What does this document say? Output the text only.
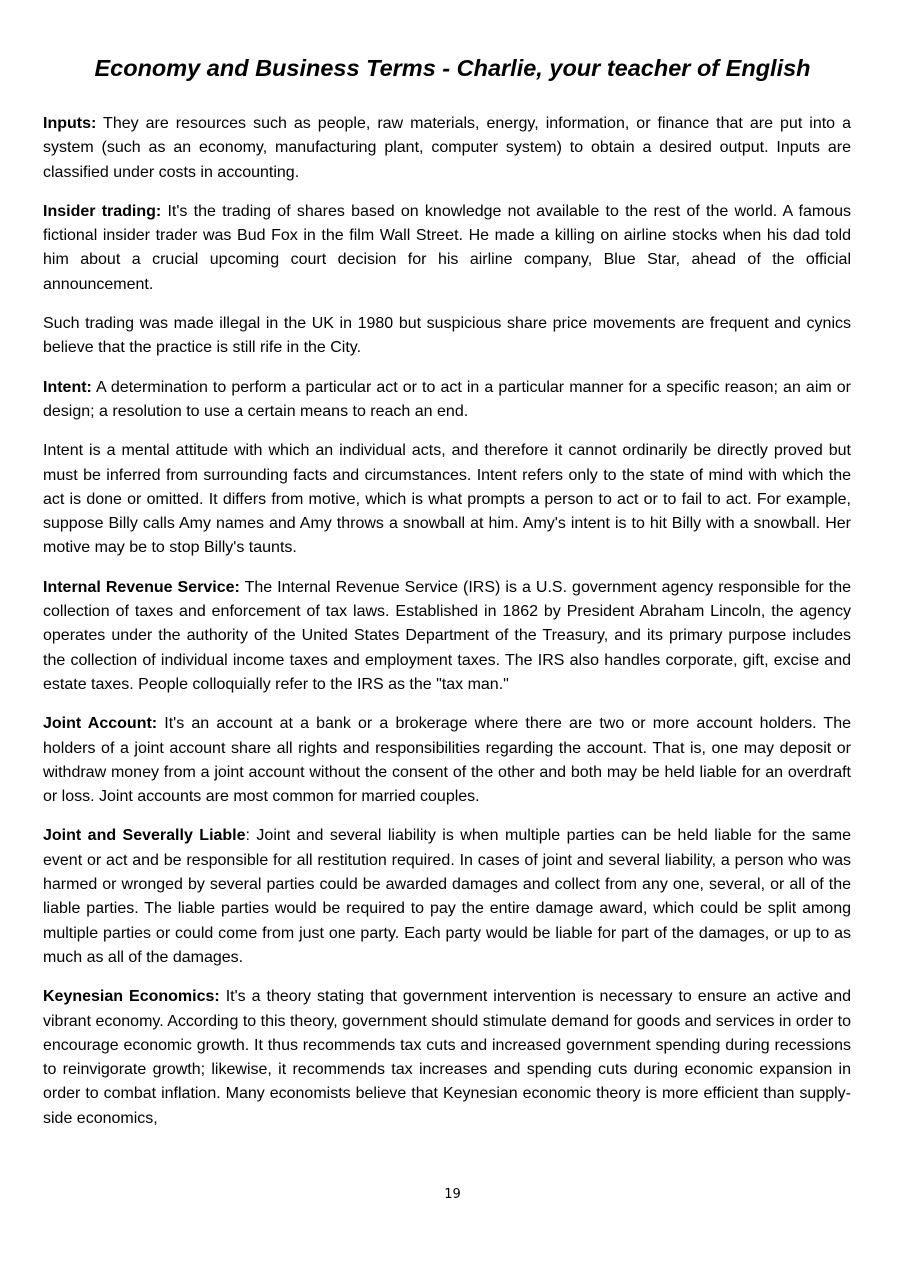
Economy and Business Terms - Charlie, your teacher of English

Inputs: They are resources such as people, raw materials, energy, information, or finance that are put into a system (such as an economy, manufacturing plant, computer system) to obtain a desired output. Inputs are classified under costs in accounting.

Insider trading: It's the trading of shares based on knowledge not available to the rest of the world. A famous fictional insider trader was Bud Fox in the film Wall Street. He made a killing on airline stocks when his dad told him about a crucial upcoming court decision for his airline company, Blue Star, ahead of the official announcement.

Such trading was made illegal in the UK in 1980 but suspicious share price movements are frequent and cynics believe that the practice is still rife in the City.

Intent: A determination to perform a particular act or to act in a particular manner for a specific reason; an aim or design; a resolution to use a certain means to reach an end.

Intent is a mental attitude with which an individual acts, and therefore it cannot ordinarily be directly proved but must be inferred from surrounding facts and circumstances. Intent refers only to the state of mind with which the act is done or omitted. It differs from motive, which is what prompts a person to act or to fail to act. For example, suppose Billy calls Amy names and Amy throws a snowball at him. Amy's intent is to hit Billy with a snowball. Her motive may be to stop Billy's taunts.

Internal Revenue Service: The Internal Revenue Service (IRS) is a U.S. government agency responsible for the collection of taxes and enforcement of tax laws. Established in 1862 by President Abraham Lincoln, the agency operates under the authority of the United States Department of the Treasury, and its primary purpose includes the collection of individual income taxes and employment taxes. The IRS also handles corporate, gift, excise and estate taxes. People colloquially refer to the IRS as the "tax man."

Joint Account: It's an account at a bank or a brokerage where there are two or more account holders. The holders of a joint account share all rights and responsibilities regarding the account. That is, one may deposit or withdraw money from a joint account without the consent of the other and both may be held liable for an overdraft or loss. Joint accounts are most common for married couples.

Joint and Severally Liable: Joint and several liability is when multiple parties can be held liable for the same event or act and be responsible for all restitution required. In cases of joint and several liability, a person who was harmed or wronged by several parties could be awarded damages and collect from any one, several, or all of the liable parties. The liable parties would be required to pay the entire damage award, which could be split among multiple parties or could come from just one party. Each party would be liable for part of the damages, or up to as much as all of the damages.

Keynesian Economics: It's a theory stating that government intervention is necessary to ensure an active and vibrant economy. According to this theory, government should stimulate demand for goods and services in order to encourage economic growth. It thus recommends tax cuts and increased government spending during recessions to reinvigorate growth; likewise, it recommends tax increases and spending cuts during economic expansion in order to combat inflation. Many economists believe that Keynesian economic theory is more efficient than supply-side economics,

19
